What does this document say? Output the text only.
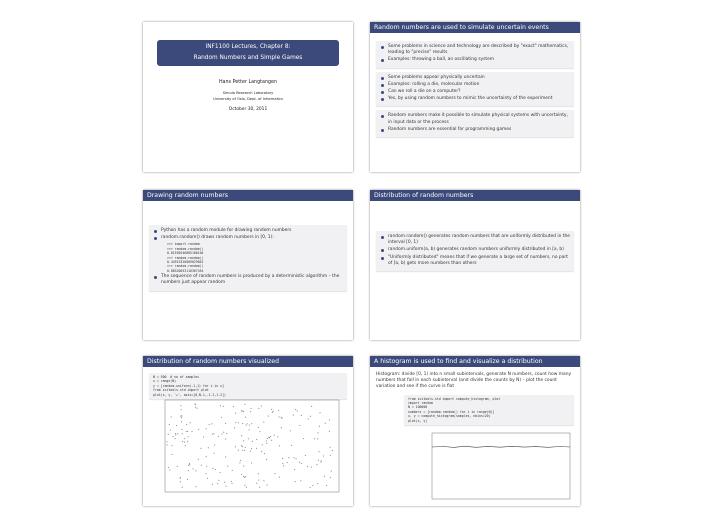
INF1100 Lectures, Chapter 8:
Random Numbers and Simple Games
Hans Petter Langtangen
Simula Research Laboratory
University of Oslo, Dept. of Informatics
October 30, 2011
Random numbers are used to simulate uncertain events
Some problems in science and technology are described by "exact" mathematics, leading to "precise" results
Examples: throwing a ball, an oscillating system
Some problems appear physically uncertain
Examples: rolling a die, molecular motion
Can we roll a die on a computer?
Yes, by using random numbers to mimic the uncertainty of the experiment
Random numbers make it possible to simulate physical systems with uncertainty, in input data or the process
Random numbers are essential for programming games
Drawing random numbers
Python has a random module for drawing random numbers
random.random() draws random numbers in [0, 1):
>>> import random
>>> random.random()
0.81550546885180104
>>> random.random()
0.44913326809029852
>>> random.random()
0.88320653116367454
The sequence of random numbers is produced by a deterministic algorithm – the numbers just appear random
Distribution of random numbers
random.random() generates random numbers that are uniformly distributed in the interval [0, 1)
random.uniform(a, b) generates random numbers uniformly distributed in [a, b)
"Uniformly distributed" means that if we generate a large set of numbers, no part of [a, b) gets more numbers than others
Distribution of random numbers visualized
N = 500  # no of samples
x = range(N)
y = [random.uniform(-1,1) for i in x]
from scitools.std import plot
plot(x, y, '+', axis=[0,N-1,-1.2,1.2])
A histogram is used to find and visualize a distribution
Histogram: divide [0, 1) into n small subintervals, generate N numbers, count how many numbers that fall in each subinterval (and divide the counts by N) – plot the count variation and see if the curve is flat
from scitools.std import compute_histogram, plot
import random
N = 100000
numbers = [random.random() for i in range(N)]
x, y = compute_histogram(samples, nbins=20)
plot(x, y)
